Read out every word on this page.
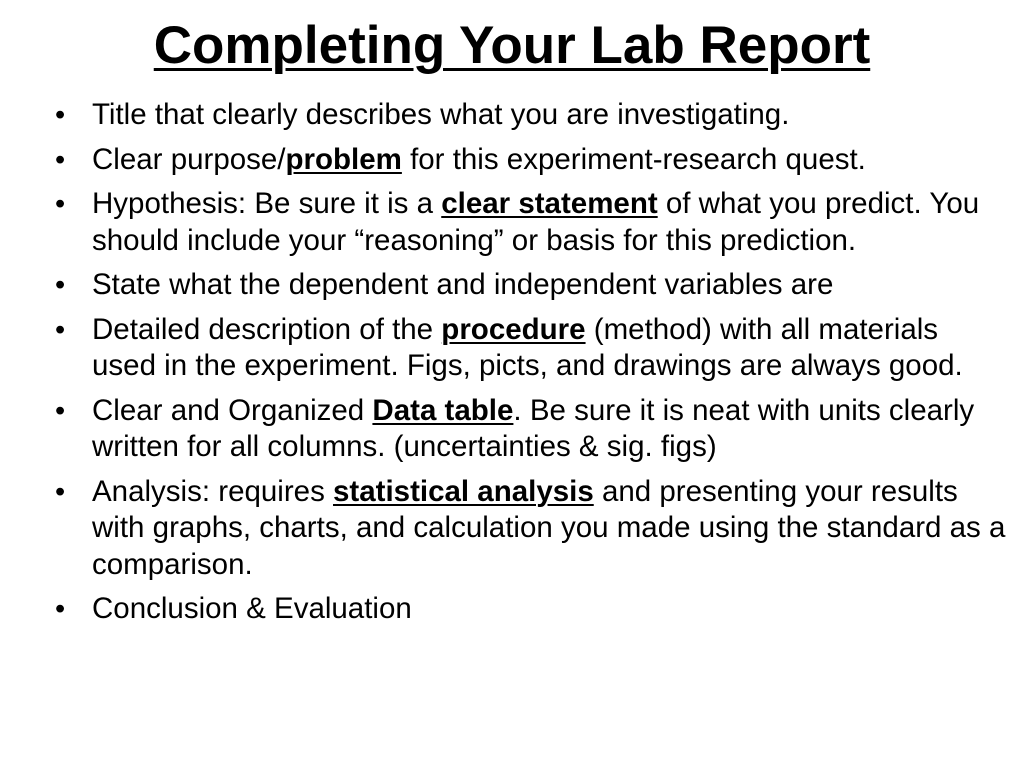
Completing Your Lab Report
• Title that clearly describes what you are investigating.
• Clear purpose/problem for this experiment-research quest.
• Hypothesis: Be sure it is a clear statement of what you predict. You should include your “reasoning” or basis for this prediction.
• State what the dependent and independent variables are
• Detailed description of the procedure (method) with all materials used in the experiment. Figs, picts, and drawings are always good.
• Clear and Organized Data table. Be sure it is neat with units clearly written for all columns. (uncertainties & sig. figs)
• Analysis: requires statistical analysis and presenting your results with graphs, charts, and calculation you made using the standard as a comparison.
• Conclusion & Evaluation
